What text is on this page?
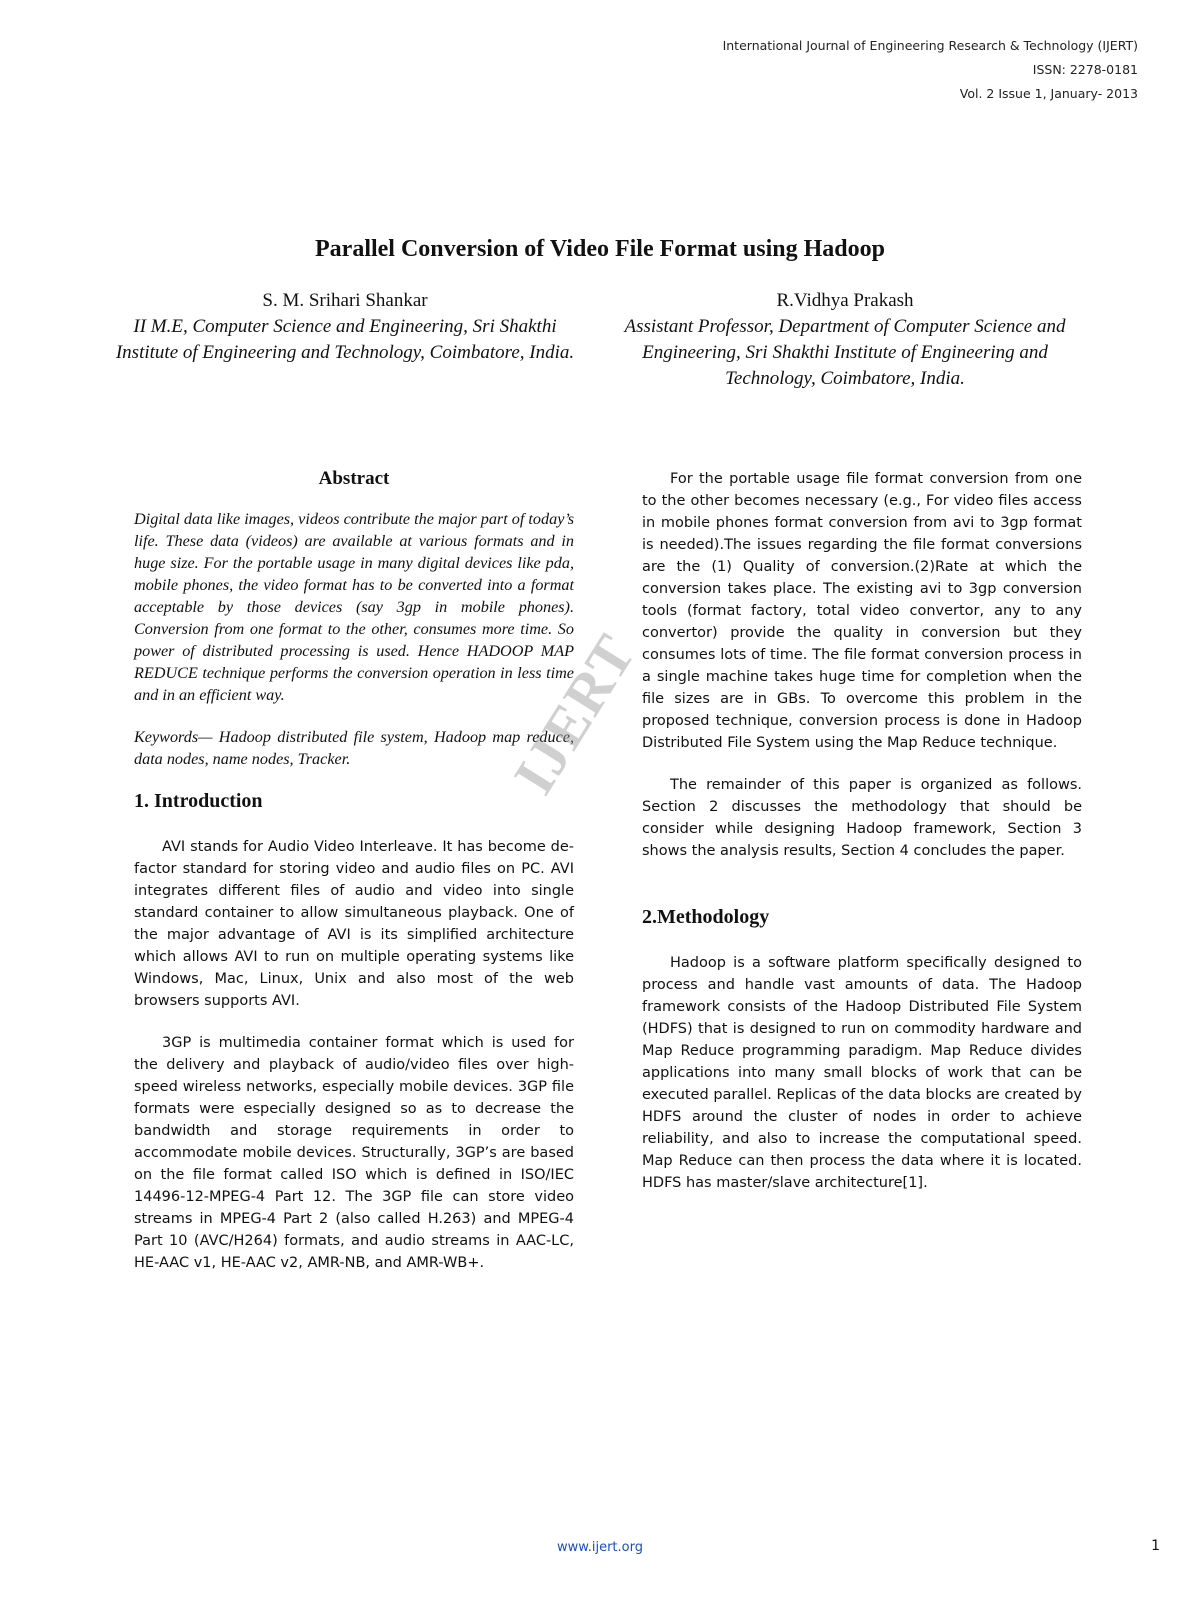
International Journal of Engineering Research & Technology (IJERT)
ISSN: 2278-0181
Vol. 2 Issue 1, January- 2013
Parallel Conversion of Video File Format using Hadoop
S. M. Srihari Shankar
II M.E, Computer Science and Engineering, Sri Shakthi Institute of Engineering and Technology, Coimbatore, India.
R.Vidhya Prakash
Assistant Professor, Department of Computer Science and Engineering, Sri Shakthi Institute of Engineering and Technology, Coimbatore, India.
Abstract

Digital data like images, videos contribute the major part of today’s life. These data (videos) are available at various formats and in huge size. For the portable usage in many digital devices like pda, mobile phones, the video format has to be converted into a format acceptable by those devices (say 3gp in mobile phones). Conversion from one format to the other, consumes more time. So power of distributed processing is used. Hence HADOOP MAP REDUCE technique performs the conversion operation in less time and in an efficient way.

Keywords— Hadoop distributed file system, Hadoop map reduce, data nodes, name nodes, Tracker.

1. Introduction

AVI stands for Audio Video Interleave. It has become de-factor standard for storing video and audio files on PC. AVI integrates different files of audio and video into single standard container to allow simultaneous playback. One of the major advantage of AVI is its simplified architecture which allows AVI to run on multiple operating systems like Windows, Mac, Linux, Unix and also most of the web browsers supports AVI.

3GP is multimedia container format which is used for the delivery and playback of audio/video files over high-speed wireless networks, especially mobile devices. 3GP file formats were especially designed so as to decrease the bandwidth and storage requirements in order to accommodate mobile devices. Structurally, 3GP’s are based on the file format called ISO which is defined in ISO/IEC 14496-12-MPEG-4 Part 12. The 3GP file can store video streams in MPEG-4 Part 2 (also called H.263) and MPEG-4 Part 10 (AVC/H264) formats, and audio streams in AAC-LC, HE-AAC v1, HE-AAC v2, AMR-NB, and AMR-WB+.

For the portable usage file format conversion from one to the other becomes necessary (e.g., For video files access in mobile phones format conversion from avi to 3gp format is needed).The issues regarding the file format conversions are the (1) Quality of conversion.(2)Rate at which the conversion takes place. The existing avi to 3gp conversion tools (format factory, total video convertor, any to any convertor) provide the quality in conversion but they consumes lots of time. The file format conversion process in a single machine takes huge time for completion when the file sizes are in GBs. To overcome this problem in the proposed technique, conversion process is done in Hadoop Distributed File System using the Map Reduce technique.

The remainder of this paper is organized as follows. Section 2 discusses the methodology that should be consider while designing Hadoop framework, Section 3 shows the analysis results, Section 4 concludes the paper.

2.Methodology

Hadoop is a software platform specifically designed to process and handle vast amounts of data. The Hadoop framework consists of the Hadoop Distributed File System (HDFS) that is designed to run on commodity hardware and Map Reduce programming paradigm. Map Reduce divides applications into many small blocks of work that can be executed parallel. Replicas of the data blocks are created by HDFS around the cluster of nodes in order to achieve reliability, and also to increase the computational speed. Map Reduce can then process the data where it is located. HDFS has master/slave architecture[1].

IJERT
www.ijert.org	1
